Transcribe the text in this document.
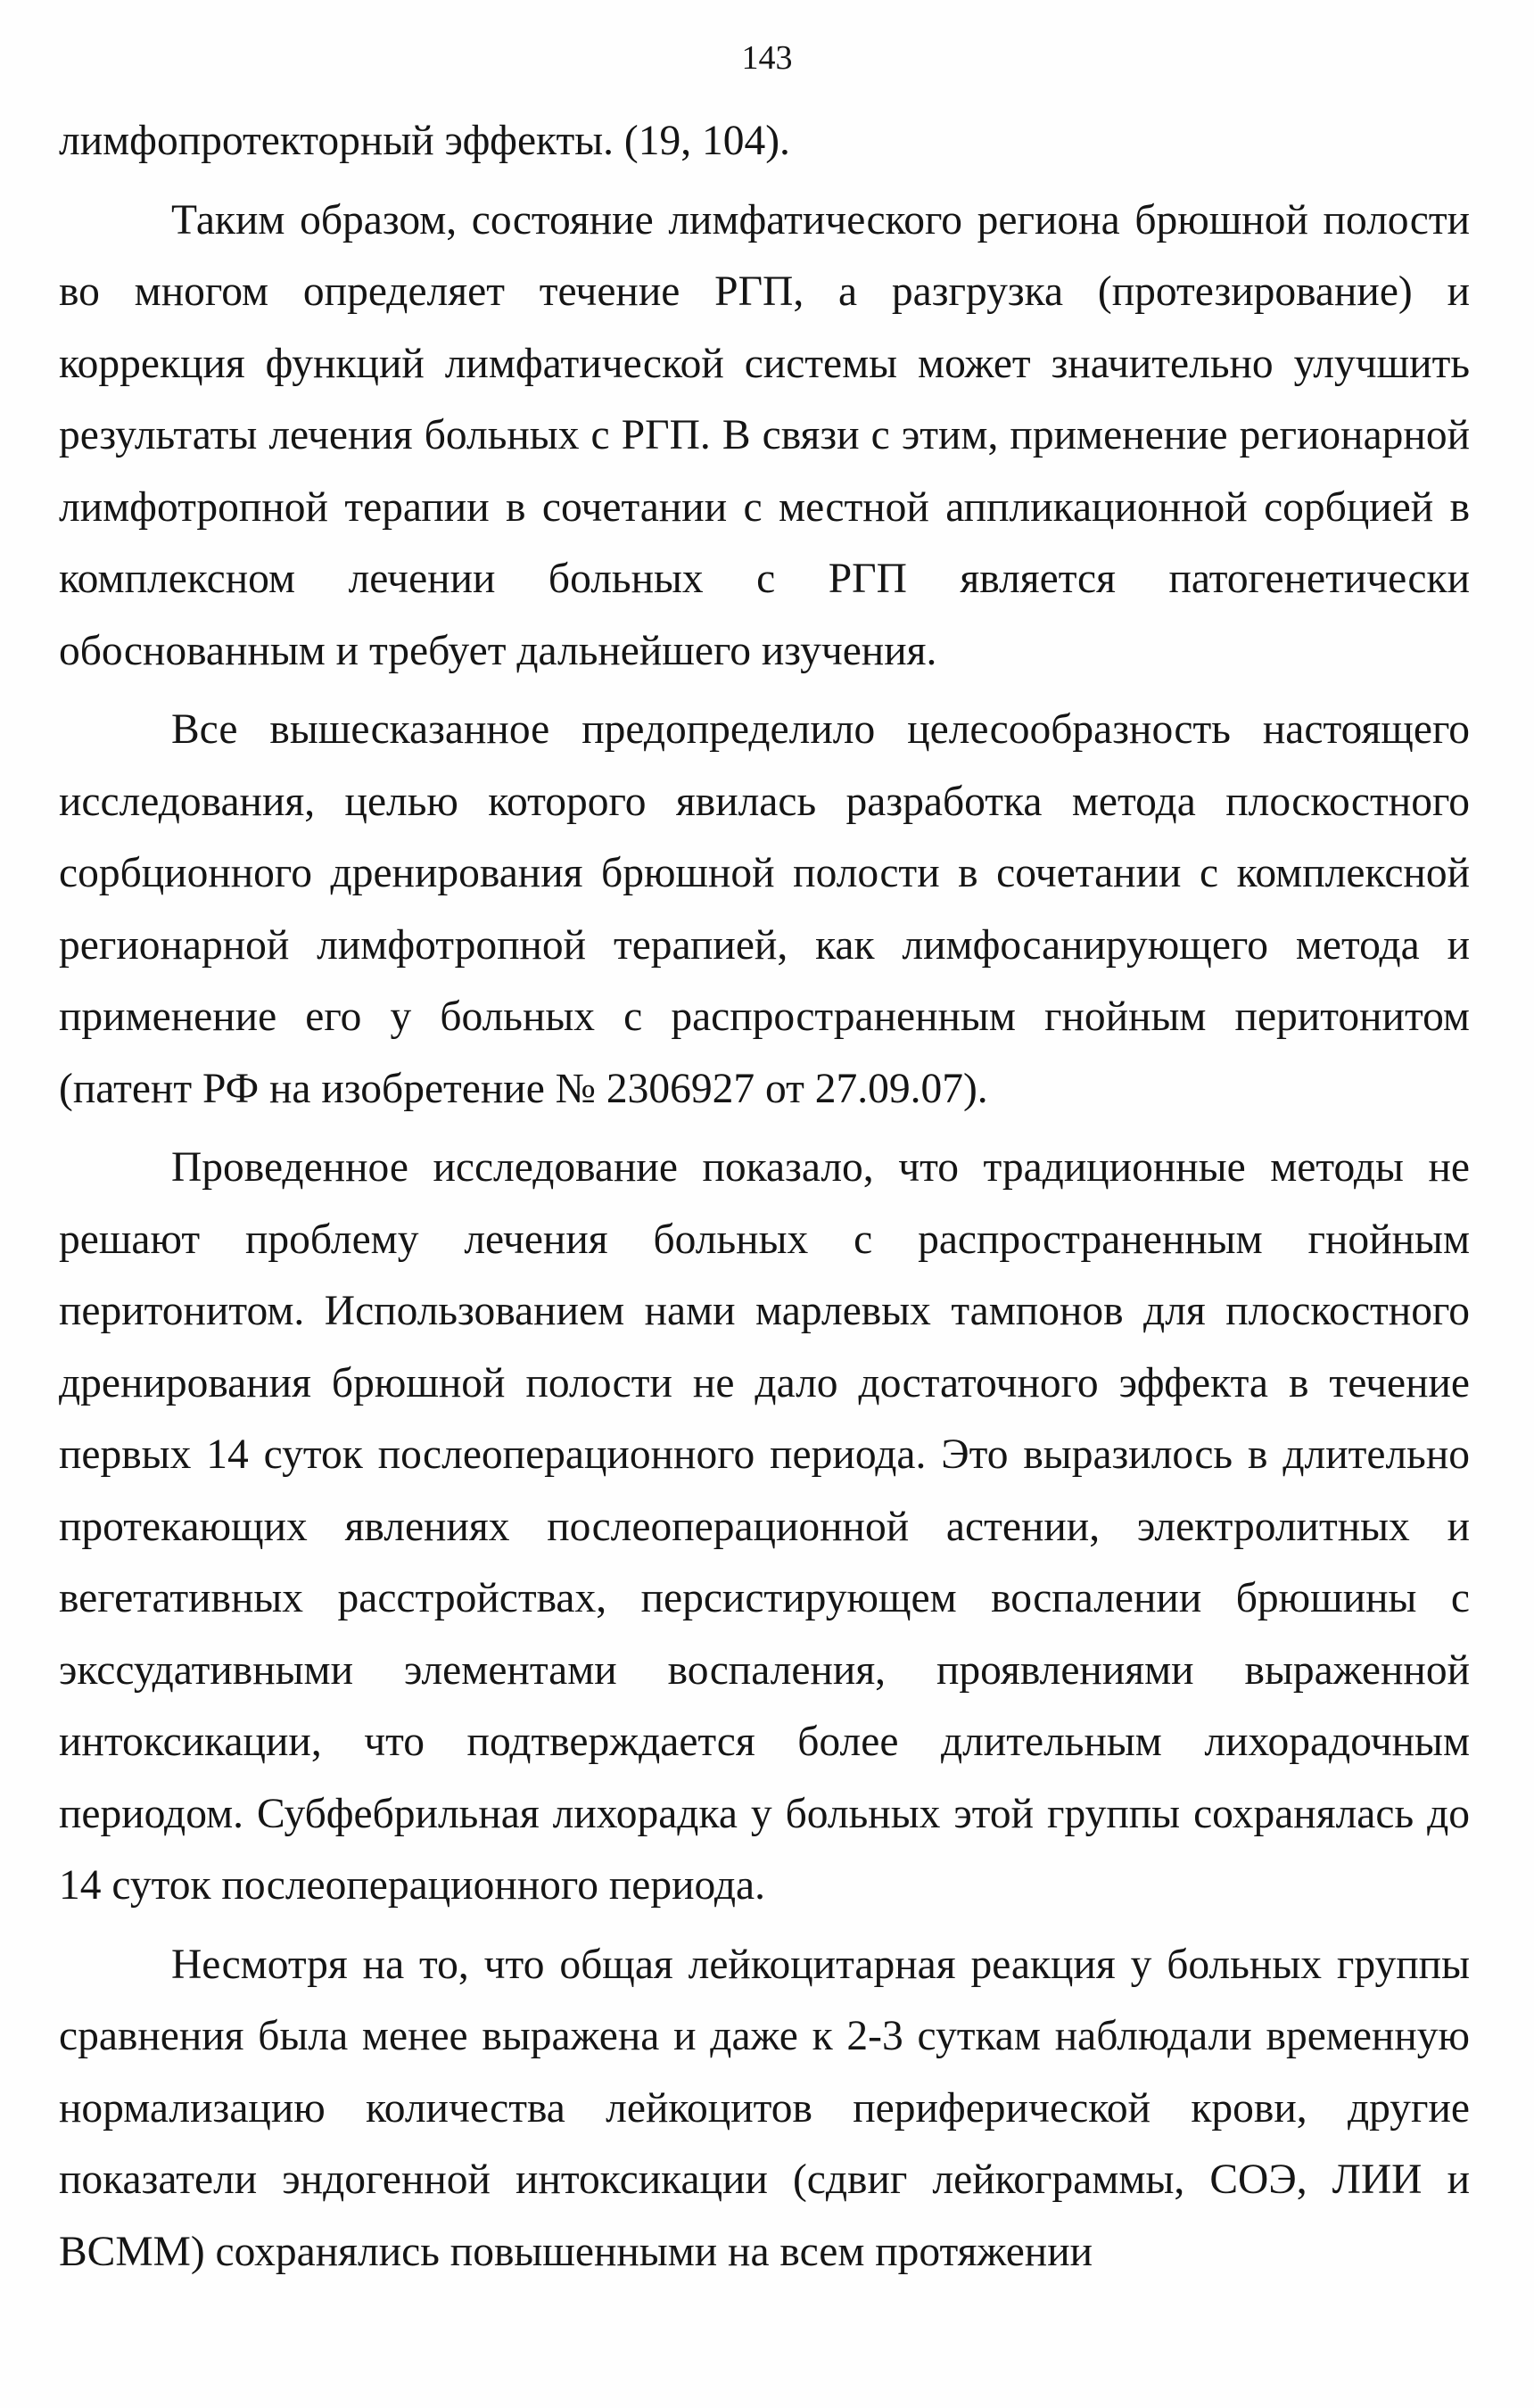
143

лимфопротекторный эффекты. (19, 104).

Таким образом, состояние лимфатического региона брюшной полости во многом определяет течение РГП, а разгрузка (протезирование) и коррекция функций лимфатической системы может значительно улучшить результаты лечения больных с РГП. В связи с этим, применение регионарной лимфотропной терапии в сочетании с местной аппликационной сорбцией в комплексном лечении больных с РГП является патогенетически обоснованным и требует дальнейшего изучения.

Все вышесказанное предопределило целесообразность настоящего исследования, целью которого явилась разработка метода плоскостного сорбционного дренирования брюшной полости в сочетании с комплексной регионарной лимфотропной терапией, как лимфосанирующего метода и применение его у больных с распространенным гнойным перитонитом (патент РФ на изобретение № 2306927 от 27.09.07).

Проведенное исследование показало, что традиционные методы не решают проблему лечения больных с распространенным гнойным перитонитом. Использованием нами марлевых тампонов для плоскостного дренирования брюшной полости не дало достаточного эффекта в течение первых 14 суток послеоперационного периода. Это выразилось в длительно протекающих явлениях послеоперационной астении, электролитных и вегетативных расстройствах, персистирующем воспалении брюшины с экссудативными элементами воспаления, проявлениями выраженной интоксикации, что подтверждается более длительным лихорадочным периодом. Субфебрильная лихорадка у больных этой группы сохранялась до 14 суток послеоперационного периода.

Несмотря на то, что общая лейкоцитарная реакция у больных группы сравнения была менее выражена и даже к 2-3 суткам наблюдали временную нормализацию количества лейкоцитов периферической крови, другие показатели эндогенной интоксикации (сдвиг лейкограммы, СОЭ, ЛИИ и ВСММ) сохранялись повышенными на всем протяжении
